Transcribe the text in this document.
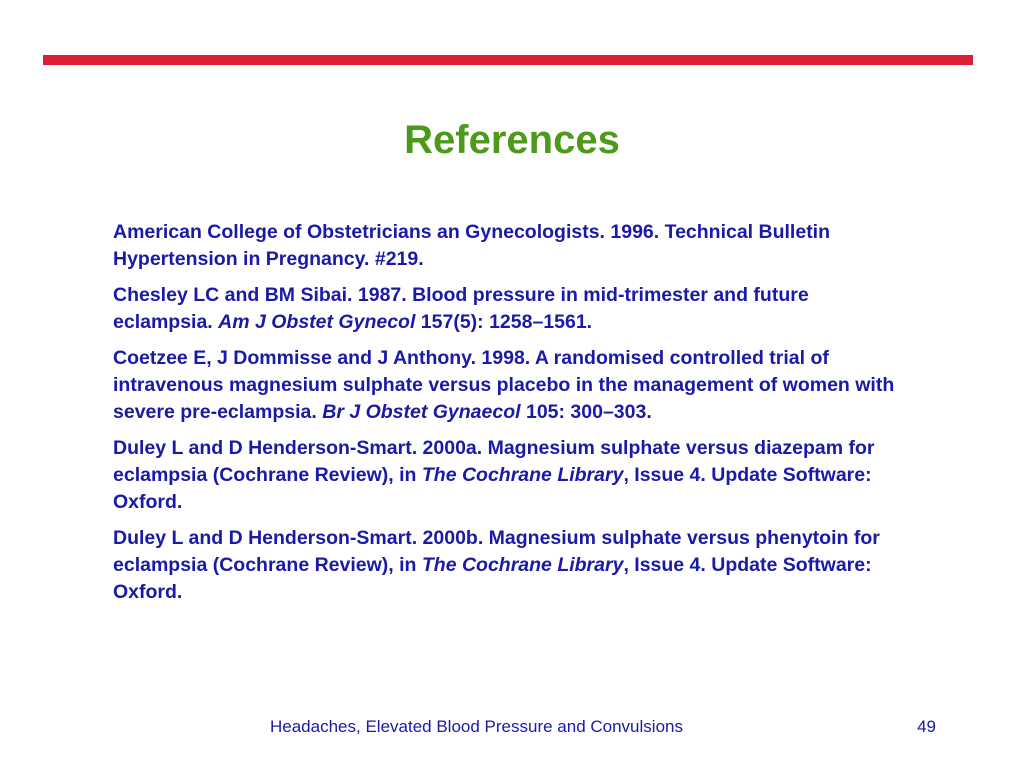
References
American College of Obstetricians an Gynecologists. 1996. Technical Bulletin Hypertension in Pregnancy. #219.
Chesley LC and BM Sibai. 1987. Blood pressure in mid-trimester and future eclampsia. Am J Obstet Gynecol 157(5): 1258–1561.
Coetzee E, J Dommisse and J Anthony. 1998. A randomised controlled trial of intravenous magnesium sulphate versus placebo in the management of women with severe pre-eclampsia. Br J Obstet Gynaecol 105: 300–303.
Duley L and D Henderson-Smart. 2000a. Magnesium sulphate versus diazepam for eclampsia (Cochrane Review), in The Cochrane Library, Issue 4. Update Software: Oxford.
Duley L and D Henderson-Smart. 2000b. Magnesium sulphate versus phenytoin for eclampsia (Cochrane Review), in The Cochrane Library, Issue 4. Update Software: Oxford.
Headaches, Elevated Blood Pressure and Convulsions	49
